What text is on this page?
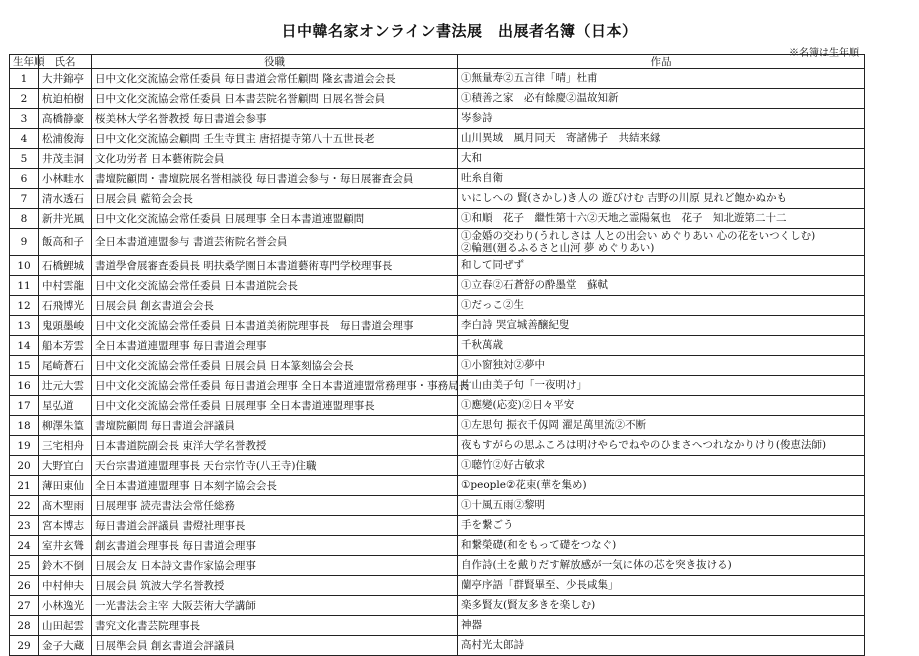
日中韓名家オンライン書法展　出展者名簿（日本）
※名簿は生年順
生年順	氏名	役職	作品
1	大井錦亭	日中文化交流協会常任委員 毎日書道会常任顧問 隆玄書道会会長	①無量寿②五言律「晴」杜甫

2	杭迫柏樹	日中文化交流協会常任委員 日本書芸院名誉顧問 日展名誉会員	①積善之家　必有餘慶②温故知新

3	高橋静豪	桜美林大学名誉教授 毎日書道会参事	岑参詩

4	松浦俊海	日中文化交流協会顧問 壬生寺貫主 唐招提寺第八十五世長老	山川異域　風月同天　寄諸佛子　共結来縁

5	井茂圭洞	文化功労者 日本藝術院会員	大和

6	小林畦水	書壇院顧問・書壇院展名誉相談役 毎日書道会参与・毎日展審査会員	吐糸自衛

7	清水透石	日展会員 藍筍会会長	いにしへの 賢(さかし)き人の 遊びけむ 吉野の川原 見れど飽かぬかも

8	新井光風	日中文化交流協会常任委員 日展理事 全日本書道連盟顧問	①和順　花子　繼性第十六②天地之霊陽氣也　花子　知北遊第二十二

9	飯高和子	全日本書道連盟参与 書道芸術院名誉会員	①金婚の交わり(うれしさは 人との出会い めぐりあい 心の花をいつくしむ)
②輪廻(廻るふるさと山河 夢 めぐりあい)

10	石橋鯉城	書道學會展審査委員長 明扶桑学園日本書道藝術専門学校理事長	和して同ぜず

11	中村雲龍	日中文化交流協会常任委員 日本書道院会長	①立春②石蒼舒の酔墨堂　蘇軾

12	石飛博光	日展会員 創玄書道会会長	①だっこ②生

13	鬼頭墨峻	日中文化交流協会常任委員 日本書道美術院理事長　毎日書道会理事	李白詩 哭宣城善醸紀叟

14	船本芳雲	全日本書道連盟理事 毎日書道会理事	千秋萬歳

15	尾崎蒼石	日中文化交流協会常任委員 日展会員 日本篆刻協会会長	①小窗独対②夢中

16	辻元大雲	日中文化交流協会常任委員 毎日書道会理事 全日本書道連盟常務理事・事務局長	片山由美子句「一夜明け」

17	星弘道	日中文化交流協会常任委員 日展理事 全日本書道連盟理事長	①應變(応変)②日々平安

18	柳澤朱篁	書壇院顧問 毎日書道会評議員	①左思句 振衣千仭岡 濯足萬里流②不断

19	三宅相舟	日本書道院副会長 東洋大学名誉教授	夜もすがらの思ふころは明けやらでねやのひまさへつれなかりけり(俊恵法師)

20	大野宜白	天台宗書道連盟理事長 天台宗竹寺(八王寺)住職	①聴竹②好古敏求

21	薄田東仙	全日本書道連盟理事 日本刻字協会会長	①people②花束(華を集め)

22	髙木聖雨	日展理事 読売書法会常任総務	①十風五雨②黎明

23	宮本博志	毎日書道会評議員 書燈社理事長	手を繋ごう

24	室井玄聳	創玄書道会理事長 毎日書道会理事	和繋榮礎(和をもって礎をつなぐ)

25	鈴木不倒	日展会友 日本詩文書作家協会理事	自作詩(土を戴りだす解放感が一気に体の芯を突き抜ける)

26	中村伸夫	日展会員 筑波大学名誉教授	蘭亭序語「群賢畢至、少長咸集」

27	小林逸光	一光書法会主宰 大阪芸術大学講師	楽多賢友(賢友多きを楽しむ)

28	山田起雲	書究文化書芸院理事長	神器

29	金子大蔵	日展準会員 創玄書道会評議員	高村光太郎詩
